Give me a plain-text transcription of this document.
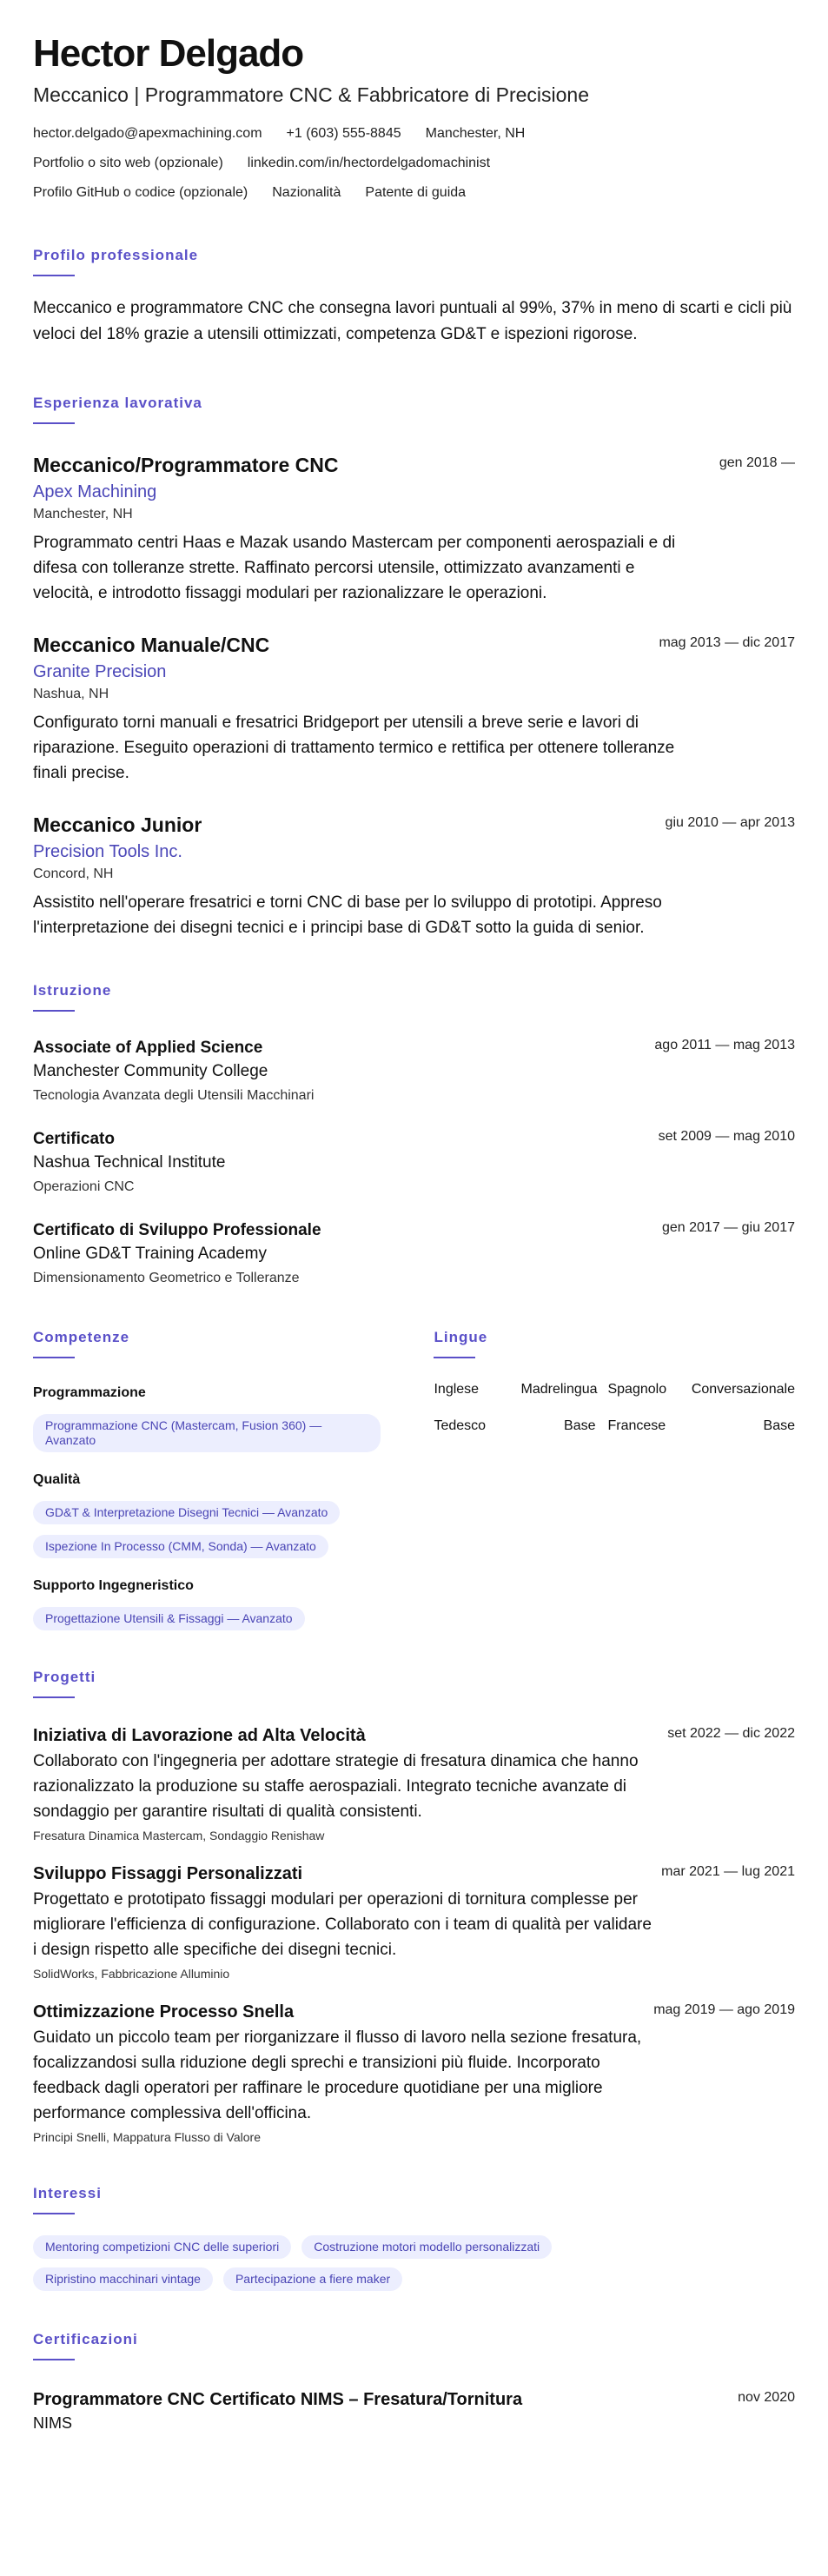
Hector Delgado
Meccanico | Programmatore CNC & Fabbricatore di Precisione
hector.delgado@apexmachining.com +1 (603) 555-8845 Manchester, NH
Portfolio o sito web (opzionale) linkedin.com/in/hectordelgadomachinist
Profilo GitHub o codice (opzionale) Nazionalità Patente di guida
Profilo professionale
Meccanico e programmatore CNC che consegna lavori puntuali al 99%, 37% in meno di scarti e cicli più veloci del 18% grazie a utensili ottimizzati, competenza GD&T e ispezioni rigorose.
Esperienza lavorativa
Meccanico/Programmatore CNC	gen 2018 —
Apex Machining
Manchester, NH
Programmato centri Haas e Mazak usando Mastercam per componenti aerospaziali e di difesa con tolleranze strette. Raffinato percorsi utensile, ottimizzato avanzamenti e velocità, e introdotto fissaggi modulari per razionalizzare le operazioni.
Meccanico Manuale/CNC	mag 2013 — dic 2017
Granite Precision
Nashua, NH
Configurato torni manuali e fresatrici Bridgeport per utensili a breve serie e lavori di riparazione. Eseguito operazioni di trattamento termico e rettifica per ottenere tolleranze finali precise.
Meccanico Junior	giu 2010 — apr 2013
Precision Tools Inc.
Concord, NH
Assistito nell'operare fresatrici e torni CNC di base per lo sviluppo di prototipi. Appreso l'interpretazione dei disegni tecnici e i principi base di GD&T sotto la guida di senior.
Istruzione
Associate of Applied Science	ago 2011 — mag 2013
Manchester Community College
Tecnologia Avanzata degli Utensili Macchinari
Certificato	set 2009 — mag 2010
Nashua Technical Institute
Operazioni CNC
Certificato di Sviluppo Professionale	gen 2017 — giu 2017
Online GD&T Training Academy
Dimensionamento Geometrico e Tolleranze
Competenze
Programmazione
Programmazione CNC (Mastercam, Fusion 360) — Avanzato
Qualità
GD&T & Interpretazione Disegni Tecnici — Avanzato
Ispezione In Processo (CMM, Sonda) — Avanzato
Supporto Ingegneristico
Progettazione Utensili & Fissaggi — Avanzato
Lingue
Inglese	Madrelingua Spagnolo	Conversazionale
Tedesco	Base Francese	Base
Progetti
Iniziativa di Lavorazione ad Alta Velocità	set 2022 — dic 2022
Collaborato con l'ingegneria per adottare strategie di fresatura dinamica che hanno razionalizzato la produzione su staffe aerospaziali. Integrato tecniche avanzate di sondaggio per garantire risultati di qualità consistenti.
Fresatura Dinamica Mastercam, Sondaggio Renishaw
Sviluppo Fissaggi Personalizzati	mar 2021 — lug 2021
Progettato e prototipato fissaggi modulari per operazioni di tornitura complesse per migliorare l'efficienza di configurazione. Collaborato con i team di qualità per validare i design rispetto alle specifiche dei disegni tecnici.
SolidWorks, Fabbricazione Alluminio
Ottimizzazione Processo Snella	mag 2019 — ago 2019
Guidato un piccolo team per riorganizzare il flusso di lavoro nella sezione fresatura, focalizzandosi sulla riduzione degli sprechi e transizioni più fluide. Incorporato feedback dagli operatori per raffinare le procedure quotidiane per una migliore performance complessiva dell'officina.
Principi Snelli, Mappatura Flusso di Valore
Interessi
Mentoring competizioni CNC delle superiori	Costruzione motori modello personalizzati
Ripristino macchinari vintage	Partecipazione a fiere maker
Certificazioni
Programmatore CNC Certificato NIMS – Fresatura/Tornitura	nov 2020
NIMS
